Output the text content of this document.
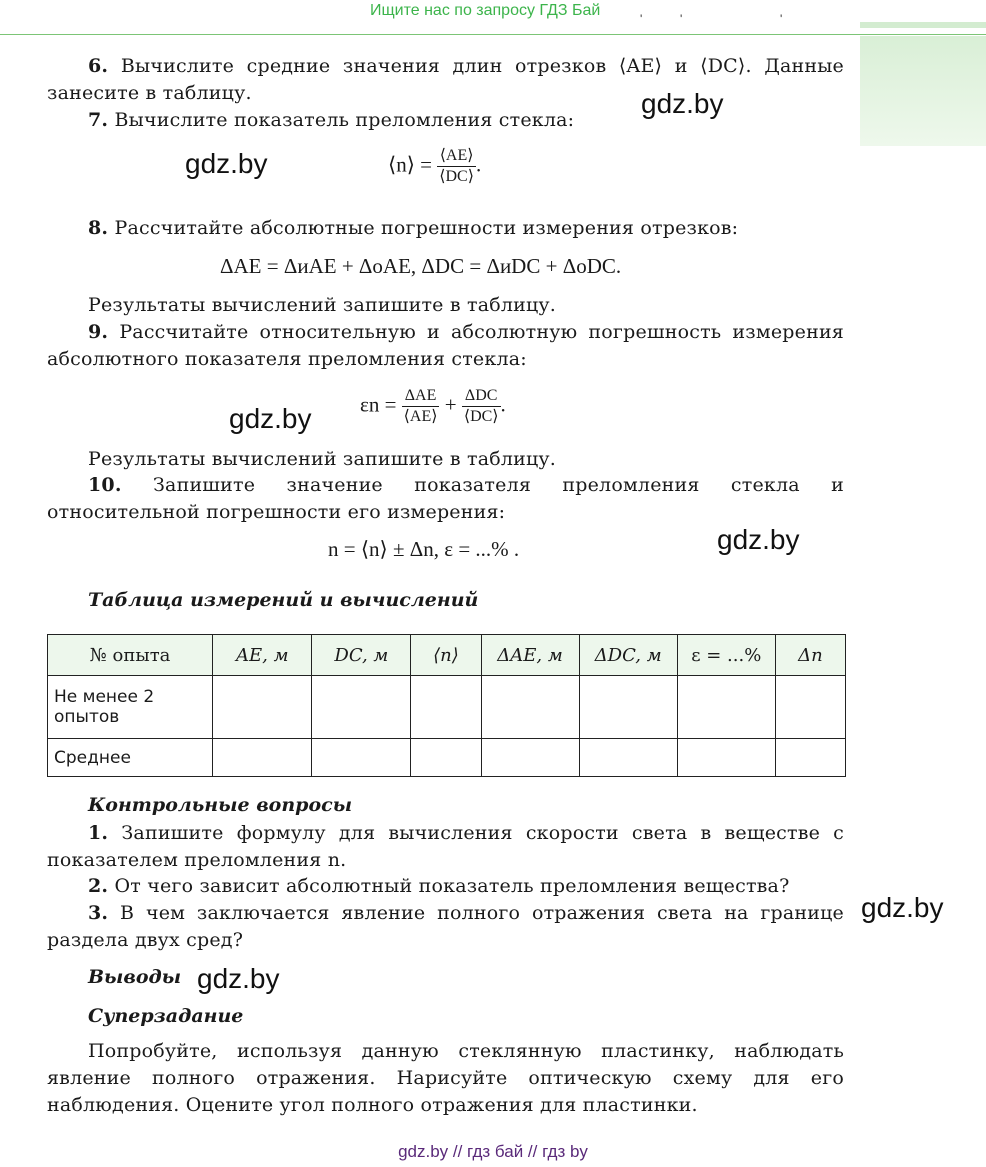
Ищите нас по запросу ГДЗ Бай	'	'	'
6. Вычислите средние значения длин отрезков ⟨AE⟩ и ⟨DC⟩. Данные занесите в таблицу.
7. Вычислите показатель преломления стекла:
⟨n⟩ = $\frac{⟨AE⟩}{⟨DC⟩}$ .
8. Рассчитайте абсолютные погрешности измерения отрезков:
ΔAE = ΔиAE + ΔоAE, ΔDC = ΔиDC + ΔоDC.
Результаты вычислений запишите в таблицу.
9. Рассчитайте относительную и абсолютную погрешность измерения абсолютного показателя преломления стекла:
$\varepsilon n = \frac{\text{ΔAE}}{⟨AE⟩} + \frac{\text{ΔDC}}{⟨DC⟩}$ .
Результаты вычислений запишите в таблицу.
10. Запишите значение показателя преломления стекла и относительной погрешности его измерения:
n = ⟨n⟩ ± Δn, ε = ...% .
Таблица измерений и вычислений
№ опыта	AE, м	DC, м	⟨n⟩	ΔAE, м	ΔDC, м	ε = ...%	Δn
Не менее 2 опытов							
Среднее							
Контрольные вопросы
1. Запишите формулу для вычисления скорости света в веществе с показателем преломления n.
2. От чего зависит абсолютный показатель преломления вещества?
3. В чем заключается явление полного отражения света на границе раздела двух сред?
Выводы
Суперзадание
Попробуйте, используя данную стеклянную пластинку, наблюдать явление полного отражения. Нарисуйте оптическую схему для его наблюдения. Оцените угол полного отражения для пластинки.
gdz.by
gdz.by
gdz.by
gdz.by
gdz.by
gdz.by
gdz.by // гдз бай // гдз by
